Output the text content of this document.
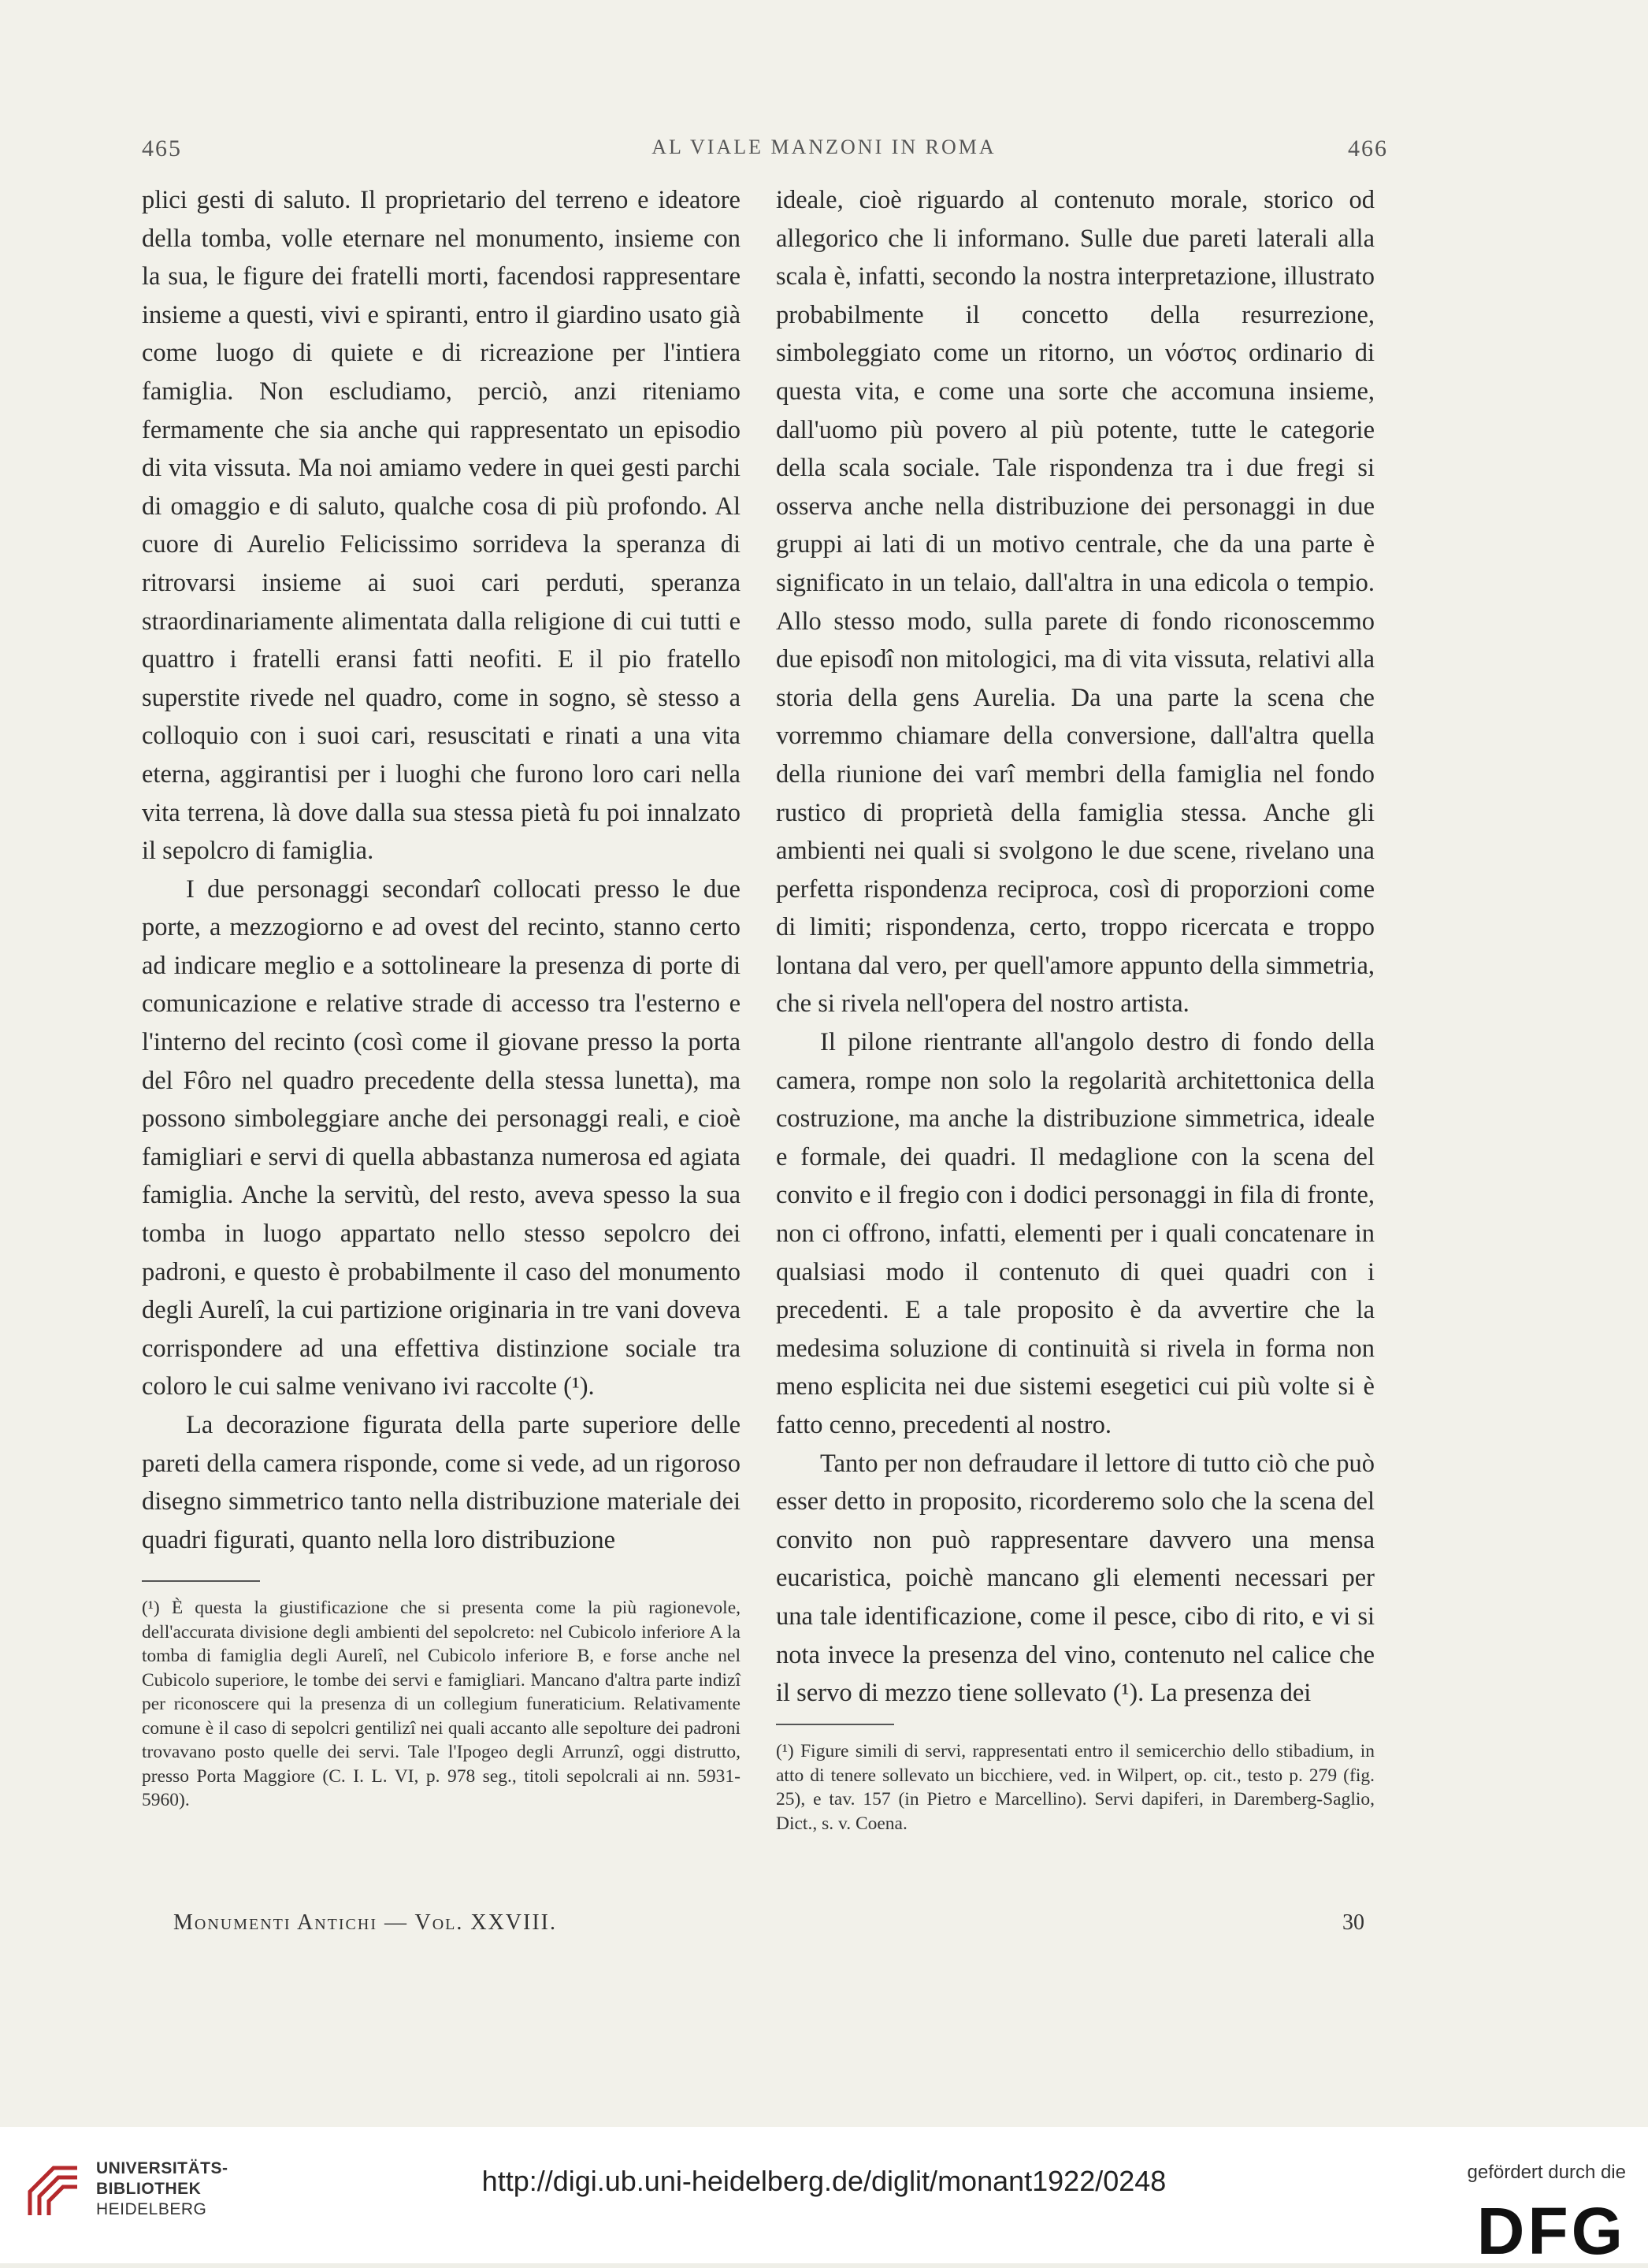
465	AL VIALE MANZONI IN ROMA	466

plici gesti di saluto. Il proprietario del terreno e ideatore della tomba, volle eternare nel monumento, insieme con la sua, le figure dei fratelli morti, facendosi rappresentare insieme a questi, vivi e spiranti, entro il giardino usato già come luogo di quiete e di ricreazione per l'intiera famiglia. Non escludiamo, perciò, anzi riteniamo fermamente che sia anche qui rappresentato un episodio di vita vissuta. Ma noi amiamo vedere in quei gesti parchi di omaggio e di saluto, qualche cosa di più profondo. Al cuore di Aurelio Felicissimo sorrideva la speranza di ritrovarsi insieme ai suoi cari perduti, speranza straordinariamente alimentata dalla religione di cui tutti e quattro i fratelli eransi fatti neofiti. E il pio fratello superstite rivede nel quadro, come in sogno, sè stesso a colloquio con i suoi cari, resuscitati e rinati a una vita eterna, aggirantisi per i luoghi che furono loro cari nella vita terrena, là dove dalla sua stessa pietà fu poi innalzato il sepolcro di famiglia.

I due personaggi secondarî collocati presso le due porte, a mezzogiorno e ad ovest del recinto, stanno certo ad indicare meglio e a sottolineare la presenza di porte di comunicazione e relative strade di accesso tra l'esterno e l'interno del recinto (così come il giovane presso la porta del Fôro nel quadro precedente della stessa lunetta), ma possono simboleggiare anche dei personaggi reali, e cioè famigliari e servi di quella abbastanza numerosa ed agiata famiglia. Anche la servitù, del resto, aveva spesso la sua tomba in luogo appartato nello stesso sepolcro dei padroni, e questo è probabilmente il caso del monumento degli Aurelî, la cui partizione originaria in tre vani doveva corrispondere ad una effettiva distinzione sociale tra coloro le cui salme venivano ivi raccolte (¹).

La decorazione figurata della parte superiore delle pareti della camera risponde, come si vede, ad un rigoroso disegno simmetrico tanto nella distribuzione materiale dei quadri figurati, quanto nella loro distribuzione

(¹) È questa la giustificazione che si presenta come la più ragionevole, dell'accurata divisione degli ambienti del sepolcreto: nel Cubicolo inferiore A la tomba di famiglia degli Aurelî, nel Cubicolo inferiore B, e forse anche nel Cubicolo superiore, le tombe dei servi e famigliari. Mancano d'altra parte indizî per riconoscere qui la presenza di un collegium funeraticium. Relativamente comune è il caso di sepolcri gentilizî nei quali accanto alle sepolture dei padroni trovavano posto quelle dei servi. Tale l'Ipogeo degli Arrunzî, oggi distrutto, presso Porta Maggiore (C. I. L. VI, p. 978 seg., titoli sepolcrali ai nn. 5931-5960).

ideale, cioè riguardo al contenuto morale, storico od allegorico che li informano. Sulle due pareti laterali alla scala è, infatti, secondo la nostra interpretazione, illustrato probabilmente il concetto della resurrezione, simboleggiato come un ritorno, un νόστος ordinario di questa vita, e come una sorte che accomuna insieme, dall'uomo più povero al più potente, tutte le categorie della scala sociale. Tale rispondenza tra i due fregi si osserva anche nella distribuzione dei personaggi in due gruppi ai lati di un motivo centrale, che da una parte è significato in un telaio, dall'altra in una edicola o tempio. Allo stesso modo, sulla parete di fondo riconoscemmo due episodî non mitologici, ma di vita vissuta, relativi alla storia della gens Aurelia. Da una parte la scena che vorremmo chiamare della conversione, dall'altra quella della riunione dei varî membri della famiglia nel fondo rustico di proprietà della famiglia stessa. Anche gli ambienti nei quali si svolgono le due scene, rivelano una perfetta rispondenza reciproca, così di proporzioni come di limiti; rispondenza, certo, troppo ricercata e troppo lontana dal vero, per quell'amore appunto della simmetria, che si rivela nell'opera del nostro artista.

Il pilone rientrante all'angolo destro di fondo della camera, rompe non solo la regolarità architettonica della costruzione, ma anche la distribuzione simmetrica, ideale e formale, dei quadri. Il medaglione con la scena del convito e il fregio con i dodici personaggi in fila di fronte, non ci offrono, infatti, elementi per i quali concatenare in qualsiasi modo il contenuto di quei quadri con i precedenti. E a tale proposito è da avvertire che la medesima soluzione di continuità si rivela in forma non meno esplicita nei due sistemi esegetici cui più volte si è fatto cenno, precedenti al nostro.

Tanto per non defraudare il lettore di tutto ciò che può esser detto in proposito, ricorderemo solo che la scena del convito non può rappresentare davvero una mensa eucaristica, poichè mancano gli elementi necessari per una tale identificazione, come il pesce, cibo di rito, e vi si nota invece la presenza del vino, contenuto nel calice che il servo di mezzo tiene sollevato (¹). La presenza dei

(¹) Figure simili di servi, rappresentati entro il semicerchio dello stibadium, in atto di tenere sollevato un bicchiere, ved. in Wilpert, op. cit., testo p. 279 (fig. 25), e tav. 157 (in Pietro e Marcellino). Servi dapiferi, in Daremberg-Saglio, Dict., s. v. Coena.
Monumenti Antichi — Vol. XXVIII.	30
UNIVERSITÄTS-
BIBLIOTHEK
HEIDELBERG
http://digi.ub.uni-heidelberg.de/diglit/monant1922/0248	gefördert durch die
DFG
